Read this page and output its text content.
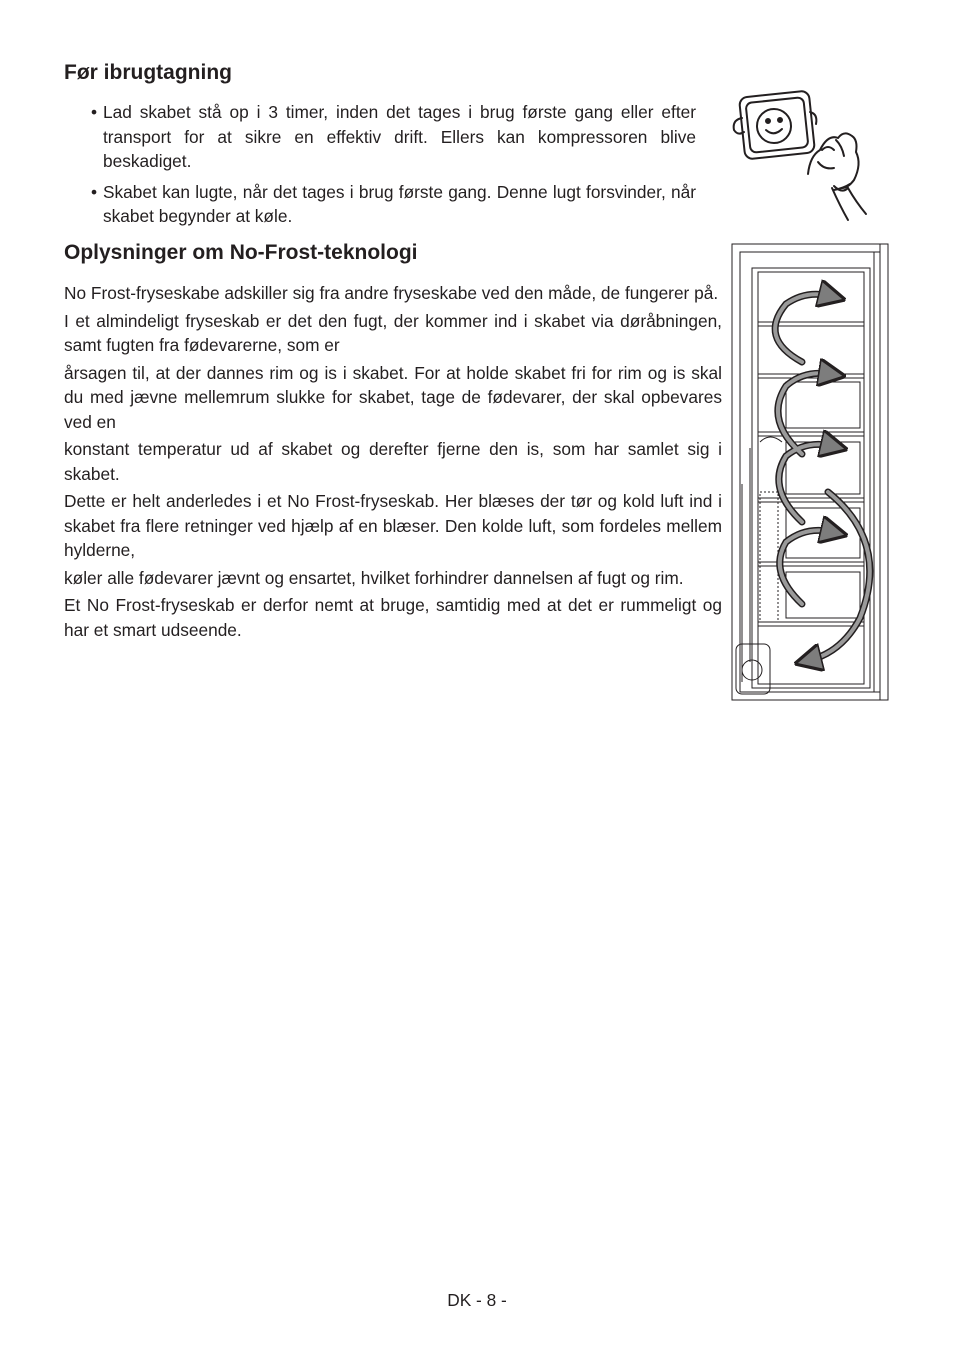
Før ibrugtagning
• Lad skabet stå op i 3 timer, inden det tages i brug første gang eller efter transport for at sikre en effektiv drift. Ellers kan kompressoren blive beskadiget.
• Skabet kan lugte, når det tages i brug første gang. Denne lugt forsvinder, når skabet begynder at køle.
Oplysninger om No-Frost-teknologi

No Frost-fryseskabe adskiller sig fra andre fryseskabe ved den måde, de fungerer på.

I et almindeligt fryseskab er det den fugt, der kommer ind i skabet via døråbningen, samt fugten fra fødevarerne, som er

årsagen til, at der dannes rim og is i skabet. For at holde skabet fri for rim og is skal du med jævne mellemrum slukke for skabet, tage de fødevarer, der skal opbevares ved en

konstant temperatur ud af skabet og derefter fjerne den is, som har samlet sig i skabet.

Dette er helt anderledes i et No Frost-fryseskab. Her blæses der tør og kold luft ind i skabet fra flere retninger ved hjælp af en blæser. Den kolde luft, som fordeles mellem hylderne,

køler alle fødevarer jævnt og ensartet, hvilket forhindrer dannelsen af fugt og rim.

Et No Frost-fryseskab er derfor nemt at bruge, samtidig med at det er rummeligt og har et smart udseende.

DK - 8 -
